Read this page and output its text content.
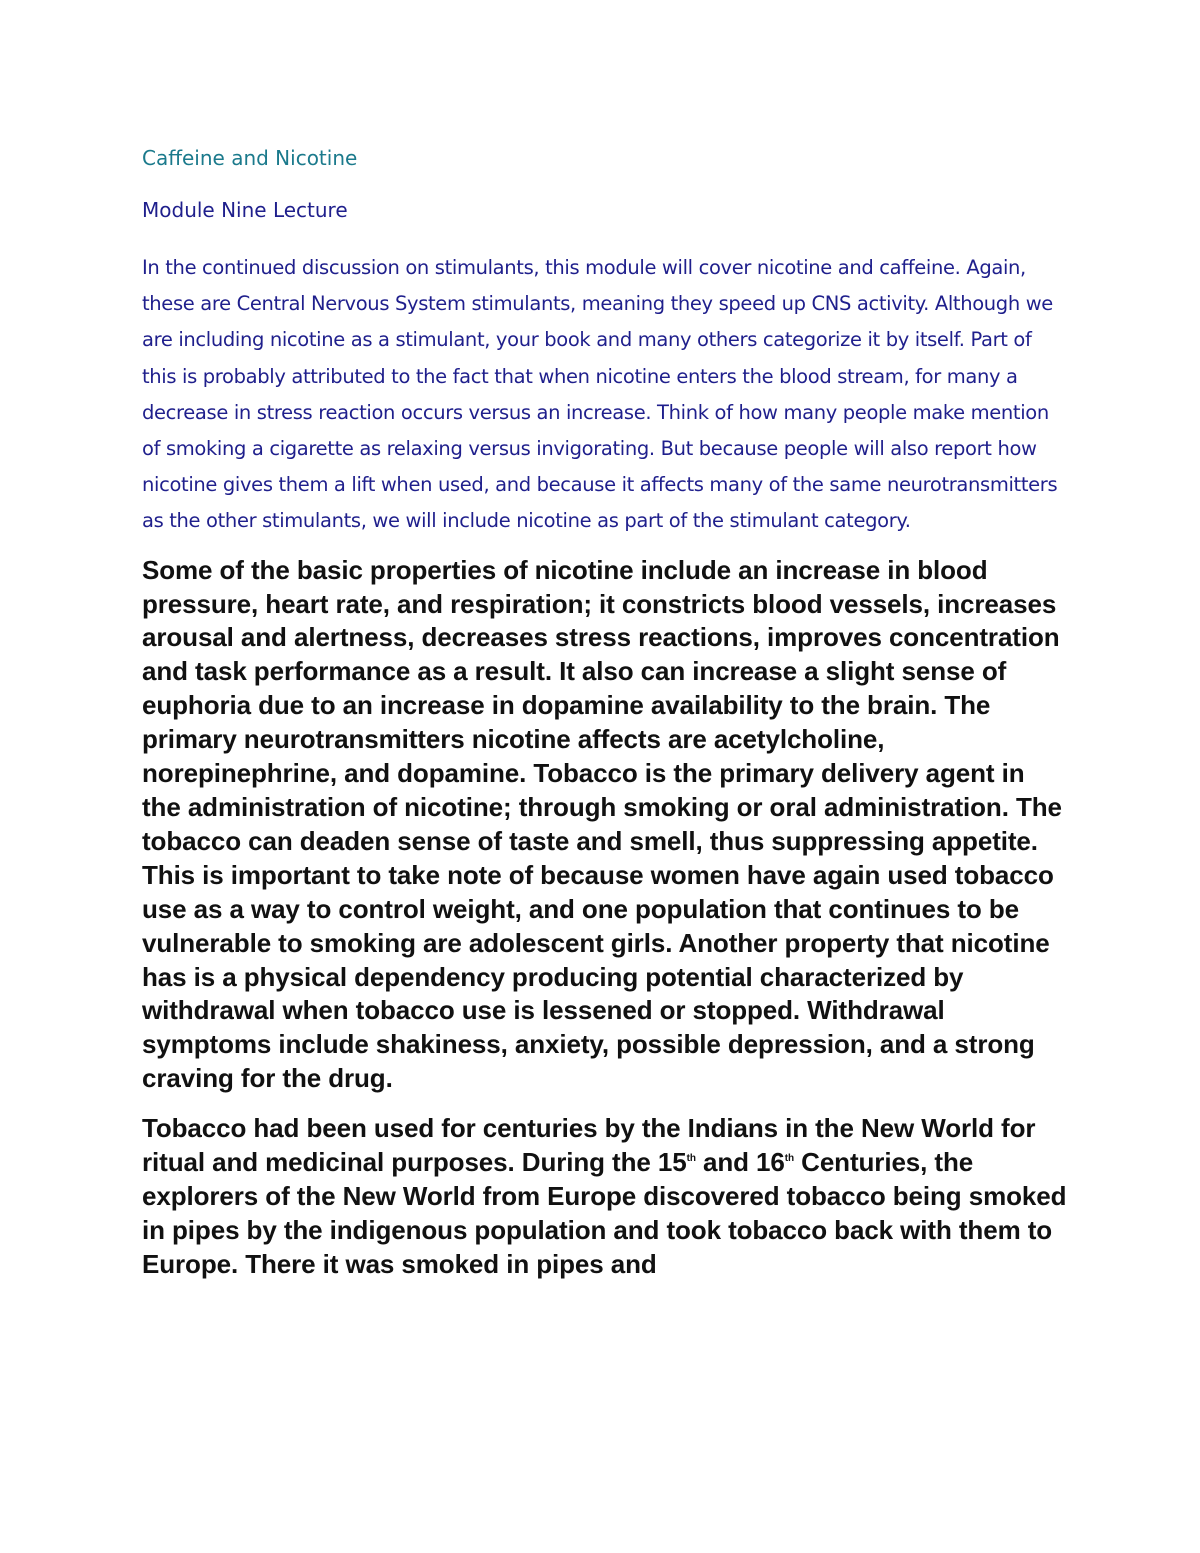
Caffeine and Nicotine

Module Nine Lecture

In the continued discussion on stimulants, this module will cover nicotine and caffeine. Again, these are Central Nervous System stimulants, meaning they speed up CNS activity. Although we are including nicotine as a stimulant, your book and many others categorize it by itself. Part of this is probably attributed to the fact that when nicotine enters the blood stream, for many a decrease in stress reaction occurs versus an increase. Think of how many people make mention of smoking a cigarette as relaxing versus invigorating. But because people will also report how nicotine gives them a lift when used, and because it affects many of the same neurotransmitters as the other stimulants, we will include nicotine as part of the stimulant category.

Some of the basic properties of nicotine include an increase in blood pressure, heart rate, and respiration; it constricts blood vessels, increases arousal and alertness, decreases stress reactions, improves concentration and task performance as a result. It also can increase a slight sense of euphoria due to an increase in dopamine availability to the brain. The primary neurotransmitters nicotine affects are acetylcholine, norepinephrine, and dopamine. Tobacco is the primary delivery agent in the administration of nicotine; through smoking or oral administration. The tobacco can deaden sense of taste and smell, thus suppressing appetite. This is important to take note of because women have again used tobacco use as a way to control weight, and one population that continues to be vulnerable to smoking are adolescent girls. Another property that nicotine has is a physical dependency producing potential characterized by withdrawal when tobacco use is lessened or stopped. Withdrawal symptoms include shakiness, anxiety, possible depression, and a strong craving for the drug.

Tobacco had been used for centuries by the Indians in the New World for ritual and medicinal purposes. During the 15th and 16th Centuries, the explorers of the New World from Europe discovered tobacco being smoked in pipes by the indigenous population and took tobacco back with them to Europe. There it was smoked in pipes and
